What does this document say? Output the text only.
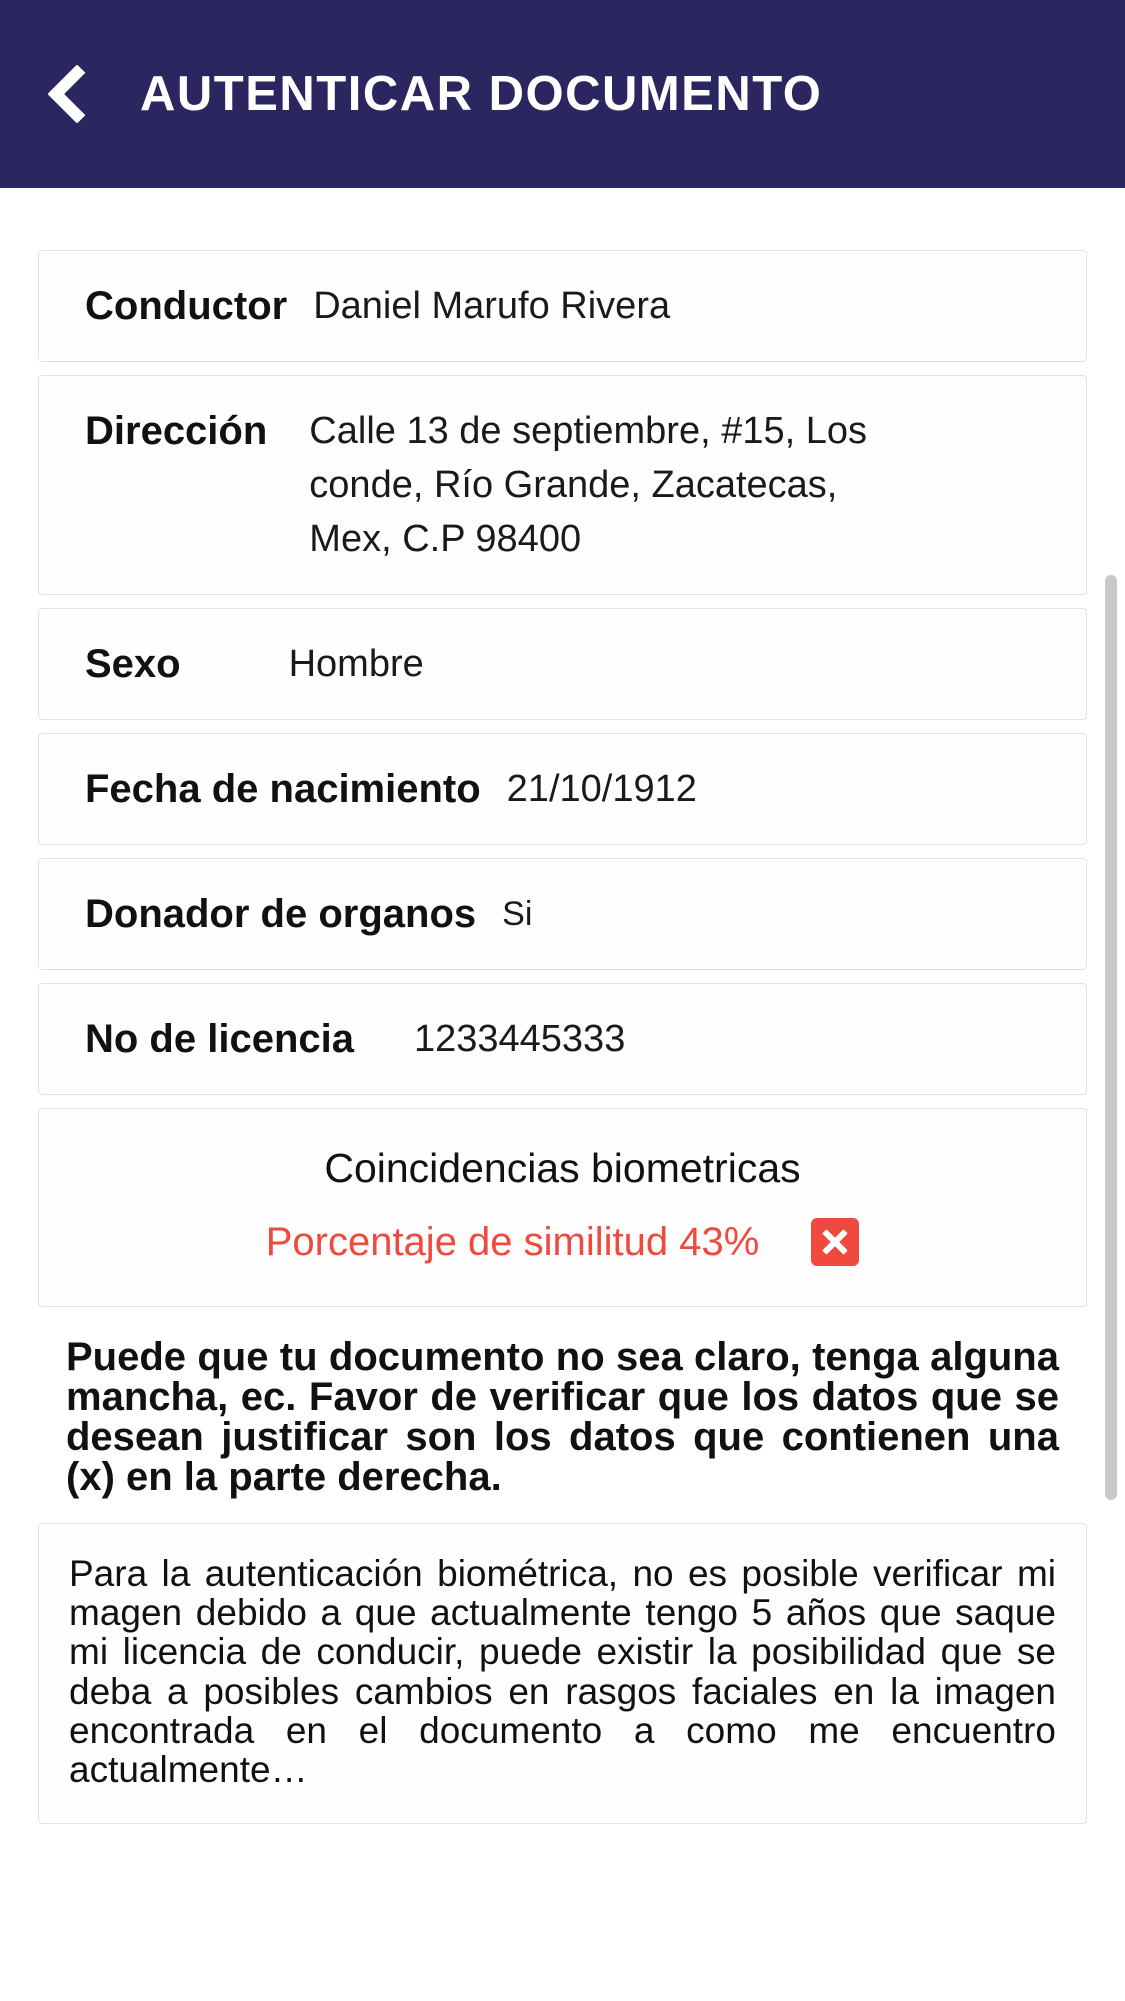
AUTENTICAR DOCUMENTO
Conductor Daniel Marufo Rivera
Dirección Calle 13 de septiembre, #15, Los conde, Río Grande, Zacatecas, Mex, C.P 98400
Sexo	Hombre
Fecha de nacimiento 21/10/1912
Donador de organos Si
No de licencia 1233445333
Coincidencias biometricas
Porcentaje de similitud 43%
Puede que tu documento no sea claro, tenga alguna mancha, ec. Favor de verificar que los datos que se desean justificar son los datos que contienen una (x) en la parte derecha.

Para la autenticación biométrica, no es posible verificar mi magen debido a que actualmente tengo 5 años que saque mi licencia de conducir, puede existir la posibilidad que se deba a posibles cambios en rasgos faciales en la imagen encontrada en el documento a como me encuentro actualmente…
